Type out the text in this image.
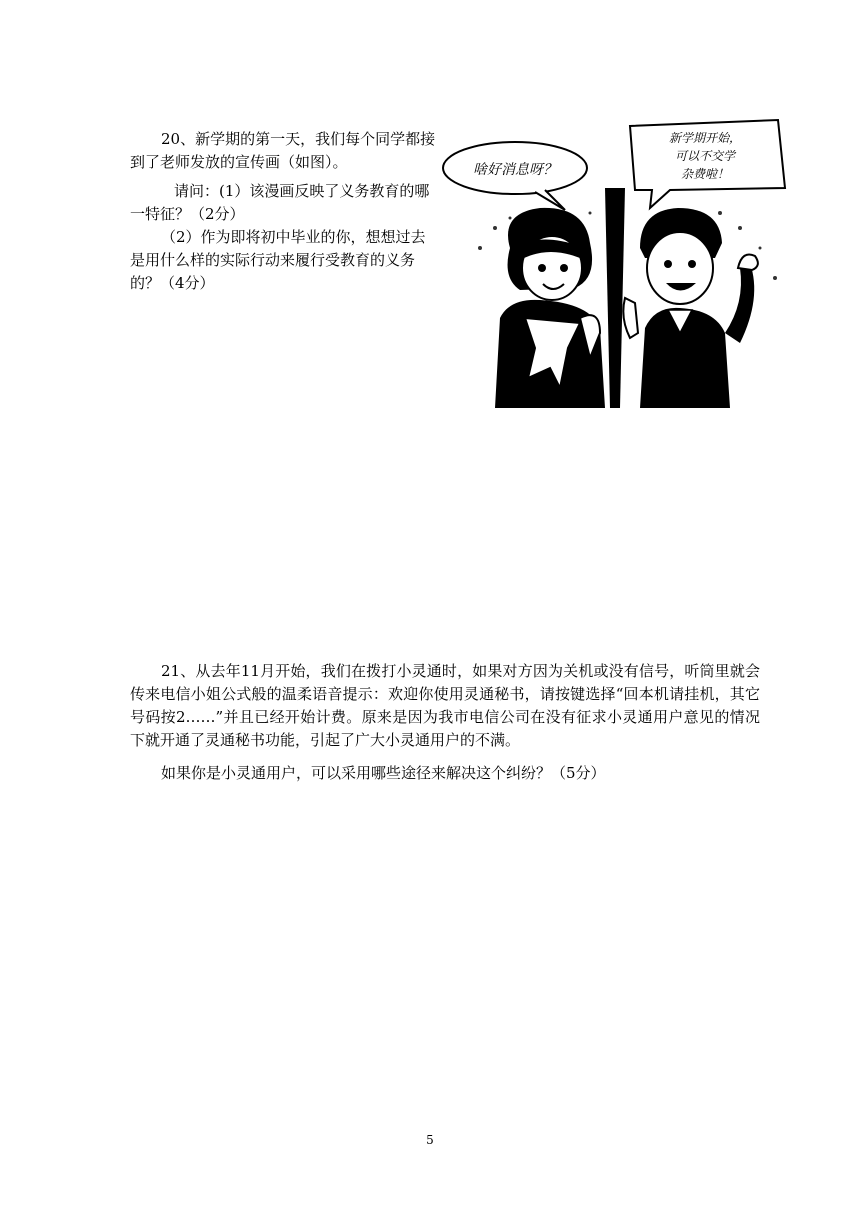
20、新学期的第一天，我们每个同学都接到了老师发放的宣传画（如图）。

请问：(1）该漫画反映了义务教育的哪一特征？（2分）

（2）作为即将初中毕业的你，想想过去是用什么样的实际行动来履行受教育的义务的？（4分）

啥好消息呀？
新学期开始，
可以不交学
杂费啦！

21、从去年11月开始，我们在拨打小灵通时，如果对方因为关机或没有信号，听筒里就会传来电信小姐公式般的温柔语音提示：欢迎你使用灵通秘书，请按键选择“回本机请挂机，其它号码按2……”并且已经开始计费。原来是因为我市电信公司在没有征求小灵通用户意见的情况下就开通了灵通秘书功能，引起了广大小灵通用户的不满。

如果你是小灵通用户，可以采用哪些途径来解决这个纠纷？（5分）

5
